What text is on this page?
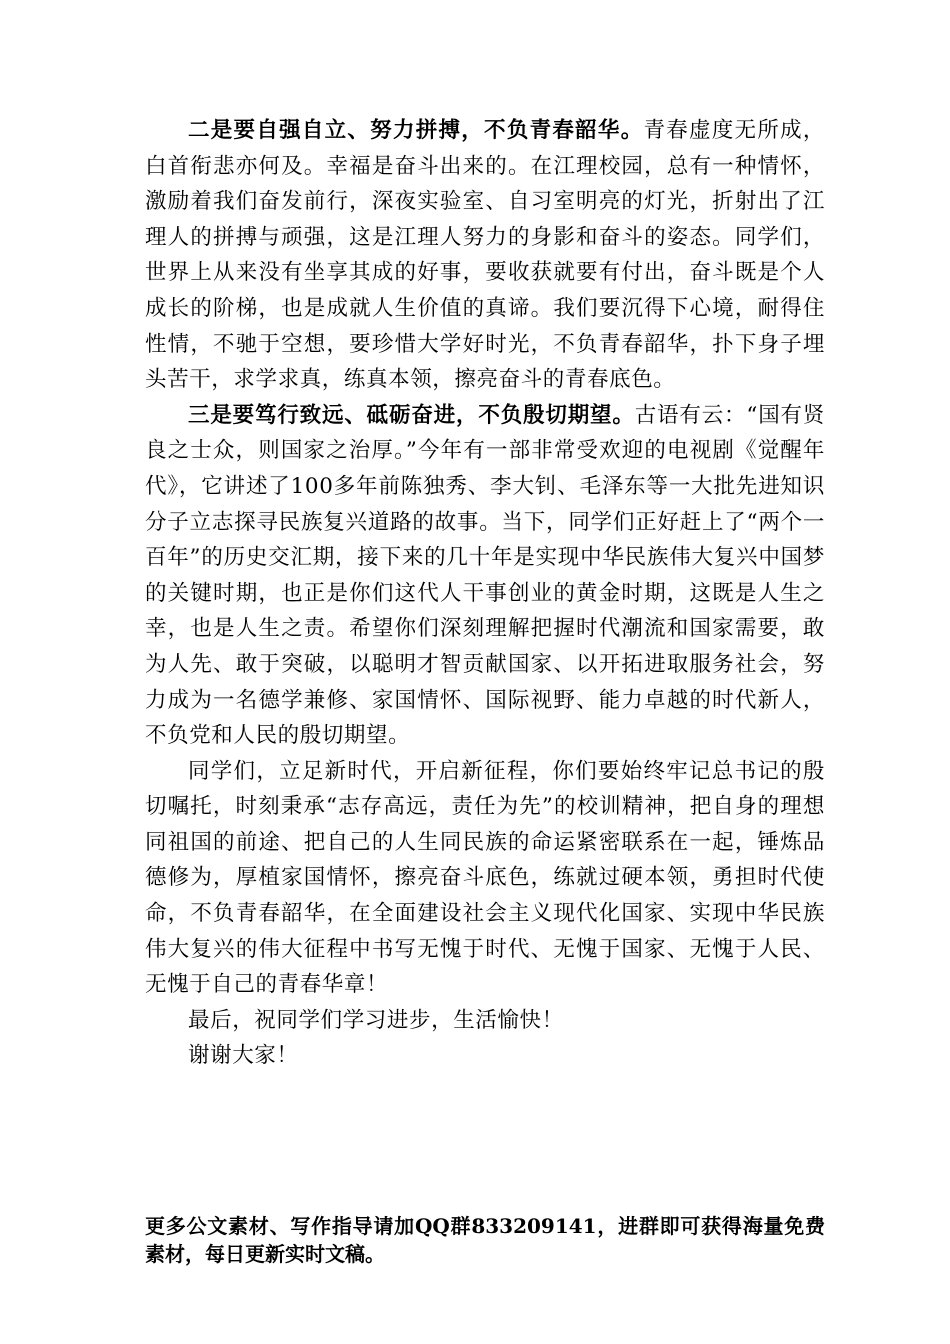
二是要自强自立、努力拼搏，不负青春韶华。青春虚度无所成，白首衔悲亦何及。幸福是奋斗出来的。在江理校园，总有一种情怀，激励着我们奋发前行，深夜实验室、自习室明亮的灯光，折射出了江理人的拼搏与顽强，这是江理人努力的身影和奋斗的姿态。同学们，世界上从来没有坐享其成的好事，要收获就要有付出，奋斗既是个人成长的阶梯，也是成就人生价值的真谛。我们要沉得下心境，耐得住性情，不驰于空想，要珍惜大学好时光，不负青春韶华，扑下身子埋头苦干，求学求真，练真本领，擦亮奋斗的青春底色。

三是要笃行致远、砥砺奋进，不负殷切期望。古语有云：“国有贤良之士众，则国家之治厚。”今年有一部非常受欢迎的电视剧《觉醒年代》，它讲述了100多年前陈独秀、李大钊、毛泽东等一大批先进知识分子立志探寻民族复兴道路的故事。当下，同学们正好赶上了“两个一百年”的历史交汇期，接下来的几十年是实现中华民族伟大复兴中国梦的关键时期，也正是你们这代人干事创业的黄金时期，这既是人生之幸，也是人生之责。希望你们深刻理解把握时代潮流和国家需要，敢为人先、敢于突破，以聪明才智贡献国家、以开拓进取服务社会，努力成为一名德学兼修、家国情怀、国际视野、能力卓越的时代新人，不负党和人民的殷切期望。

同学们，立足新时代，开启新征程，你们要始终牢记总书记的殷切嘱托，时刻秉承“志存高远，责任为先”的校训精神，把自身的理想同祖国的前途、把自己的人生同民族的命运紧密联系在一起，锤炼品德修为，厚植家国情怀，擦亮奋斗底色，练就过硬本领，勇担时代使命，不负青春韶华，在全面建设社会主义现代化国家、实现中华民族伟大复兴的伟大征程中书写无愧于时代、无愧于国家、无愧于人民、无愧于自己的青春华章！

最后，祝同学们学习进步，生活愉快！

谢谢大家！

更多公文素材、写作指导请加QQ群833209141，进群即可获得海量免费素材，每日更新实时文稿。
